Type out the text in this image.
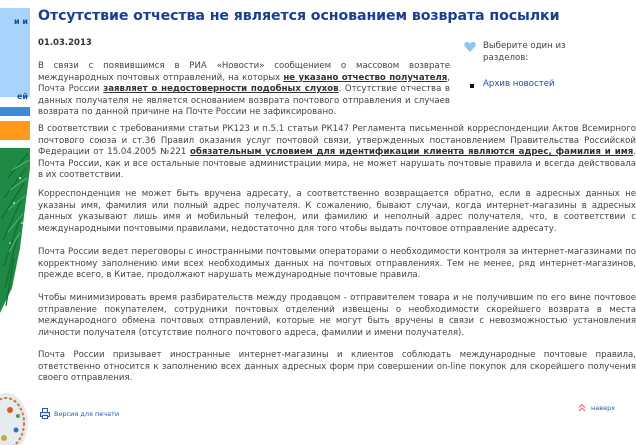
и и
ей
Отсутствие отчества не является основанием возврата посылки
01.03.2013
В связи с появившимся в РИА «Новости» сообщением о массовом возврате международных почтовых отправлений, на которых не указано отчество получателя, Почта России заявляет о недостоверности подобных слухов. Отсутствие отчества в данных получателя не является основанием возврата почтового отправления и случаев возврата по данной причине на Почте России не зафиксировано.
В соответствии с требованиями статьи РК123 и п.5.1 статьи РК147 Регламента письменной корреспонденции Актов Всемирного почтового союза и ст.36 Правил оказания услуг почтовой связи, утвержденных постановлением Правительства Российской Федерации от 15.04.2005 №221 обязательным условием для идентификации клиента являются адрес, фамилия и имя. Почта России, как и все остальные почтовые администрации мира, не может нарушать почтовые правила и всегда действовала в их соответствии.
Корреспонденция не может быть вручена адресату, а соответственно возвращается обратно, если в адресных данных не указаны имя, фамилия или полный адрес получателя. К сожалению, бывают случаи, когда интернет-магазины в адресных данных указывают лишь имя и мобильный телефон, или фамилию и неполный адрес получателя, что, в соответствии с международными почтовыми правилами, недостаточно для того чтобы выдать почтовое отправление адресату.
Почта России ведет переговоры с иностранными почтовыми операторами о необходимости контроля за интернет-магазинами по корректному заполнению ими всех необходимых данных на почтовых отправлениях. Тем не менее, ряд интернет-магазинов, прежде всего, в Китае, продолжают нарушать международные почтовые правила.
Чтобы минимизировать время разбирательств между продавцом - отправителем товара и не получившим по его вине почтовое отправление покупателем, сотрудники почтовых отделений извещены о необходимости скорейшего возврата в места международного обмена почтовых отправлений, которые не могут быть вручены в связи с невозможностью установления личности получателя (отсутствие полного почтового адреса, фамилии и имени получателя).
Почта России призывает иностранные интернет-магазины и клиентов соблюдать международные почтовые правила, ответственно относится к заполнению всех данных адресных форм при совершении on-line покупок для скорейшего получения своего отправления.
Выберите один из разделов:
Архив новостей
Версия для печати
наверх
